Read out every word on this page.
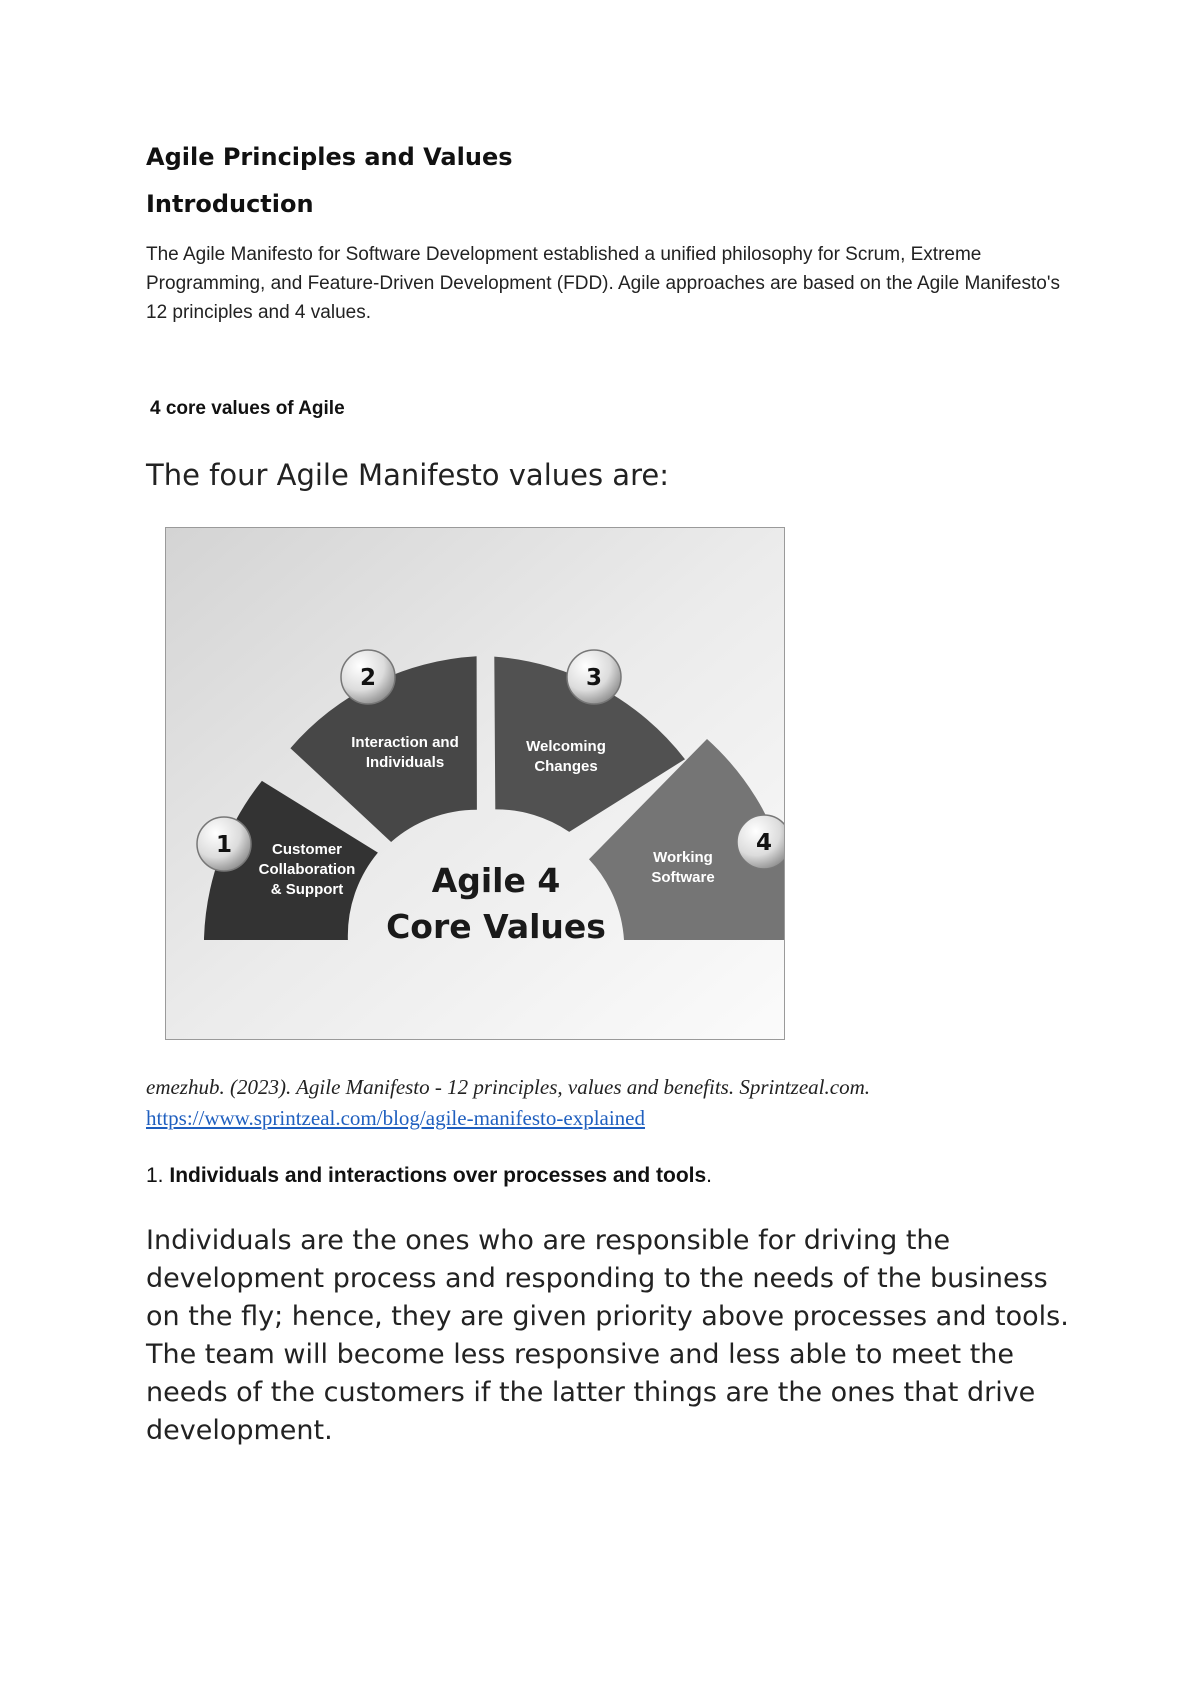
Agile Principles and Values
Introduction

The Agile Manifesto for Software Development established a unified philosophy for Scrum, Extreme Programming, and Feature-Driven Development (FDD). Agile approaches are based on the Agile Manifesto's 12 principles and 4 values.

4 core values of Agile

The four Agile Manifesto values are:

Customer
Collaboration
& Support
Interaction and
Individuals
Welcoming
Changes
Working
Software
1
2	3
4
Agile 4
Core Values
emezhub. (2023). Agile Manifesto - 12 principles, values and benefits. Sprintzeal.com.
https://www.sprintzeal.com/blog/agile-manifesto-explained

1. Individuals and interactions over processes and tools.

Individuals are the ones who are responsible for driving the development process and responding to the needs of the business on the fly; hence, they are given priority above processes and tools. The team will become less responsive and less able to meet the needs of the customers if the latter things are the ones that drive development.
